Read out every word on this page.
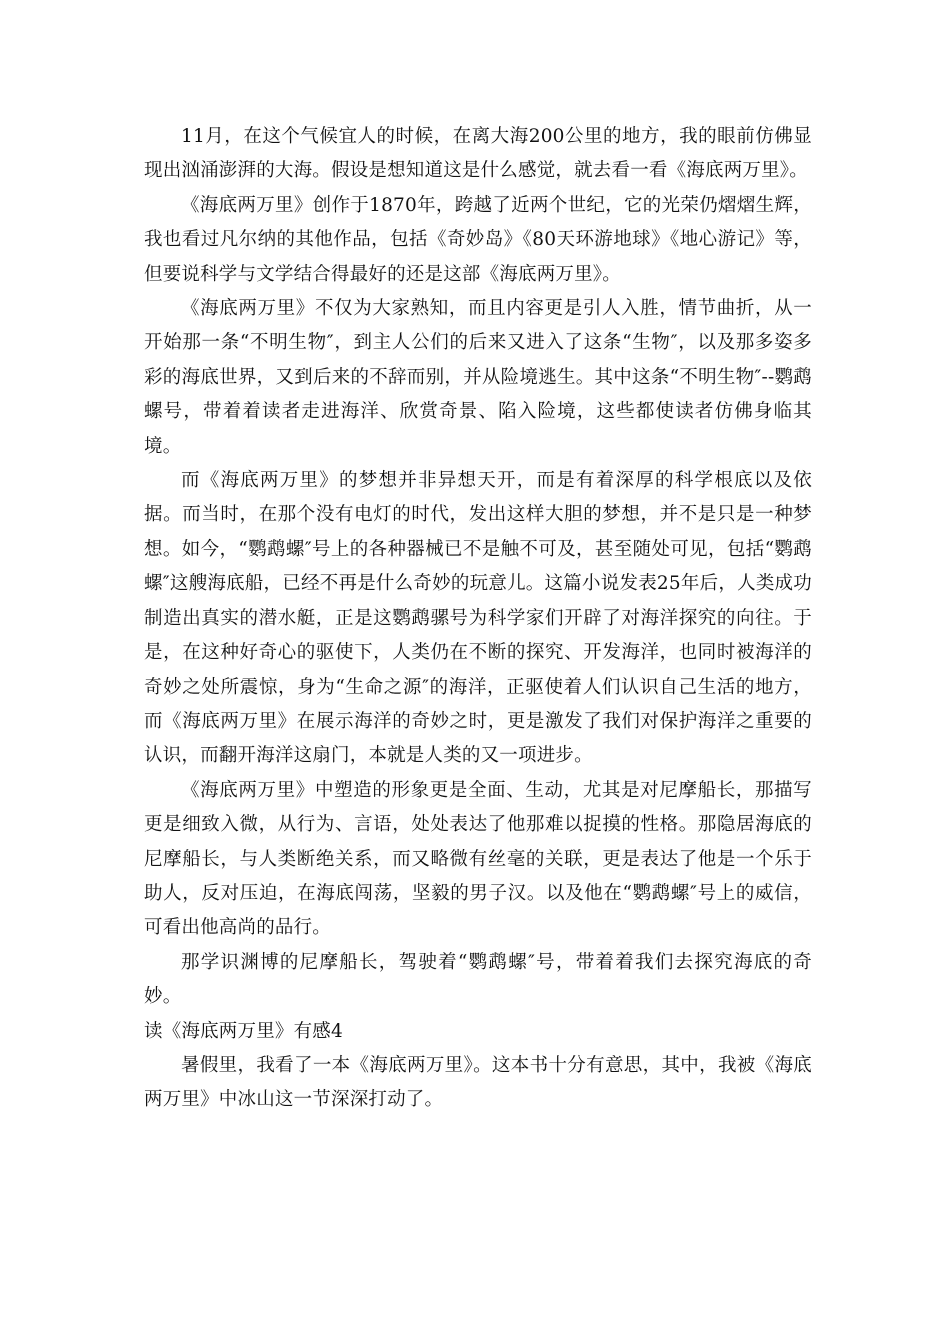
11月，在这个气候宜人的时候，在离大海200公里的地方，我的眼前仿佛显现出汹涌澎湃的大海。假设是想知道这是什么感觉，就去看一看《海底两万里》。

《海底两万里》创作于1870年，跨越了近两个世纪，它的光荣仍熠熠生辉，我也看过凡尔纳的其他作品，包括《奇妙岛》《80天环游地球》《地心游记》等，但要说科学与文学结合得最好的还是这部《海底两万里》。

《海底两万里》不仅为大家熟知，而且内容更是引人入胜，情节曲折，从一开始那一条“不明生物″，到主人公们的后来又进入了这条“生物″，以及那多姿多彩的海底世界，又到后来的不辞而别，并从险境逃生。其中这条“不明生物″--鹦鹉螺号，带着着读者走进海洋、欣赏奇景、陷入险境，这些都使读者仿佛身临其境。

而《海底两万里》的梦想并非异想天开，而是有着深厚的科学根底以及依据。而当时，在那个没有电灯的时代，发出这样大胆的梦想，并不是只是一种梦想。如今，“鹦鹉螺″号上的各种器械已不是触不可及，甚至随处可见，包括“鹦鹉螺″这艘海底船，已经不再是什么奇妙的玩意儿。这篇小说发表25年后，人类成功制造出真实的潜水艇，正是这鹦鹉骡号为科学家们开辟了对海洋探究的向往。于是，在这种好奇心的驱使下，人类仍在不断的探究、开发海洋，也同时被海洋的奇妙之处所震惊，身为“生命之源″的海洋，正驱使着人们认识自己生活的地方，而《海底两万里》在展示海洋的奇妙之时，更是激发了我们对保护海洋之重要的认识，而翻开海洋这扇门，本就是人类的又一项进步。

《海底两万里》中塑造的形象更是全面、生动，尤其是对尼摩船长，那描写更是细致入微，从行为、言语，处处表达了他那难以捉摸的性格。那隐居海底的尼摩船长，与人类断绝关系，而又略微有丝毫的关联，更是表达了他是一个乐于助人，反对压迫，在海底闯荡，坚毅的男子汉。以及他在“鹦鹉螺″号上的威信，可看出他高尚的品行。

那学识渊博的尼摩船长，驾驶着“鹦鹉螺″号，带着着我们去探究海底的奇妙。

读《海底两万里》有感4

暑假里，我看了一本《海底两万里》。这本书十分有意思，其中，我被《海底两万里》中冰山这一节深深打动了。
